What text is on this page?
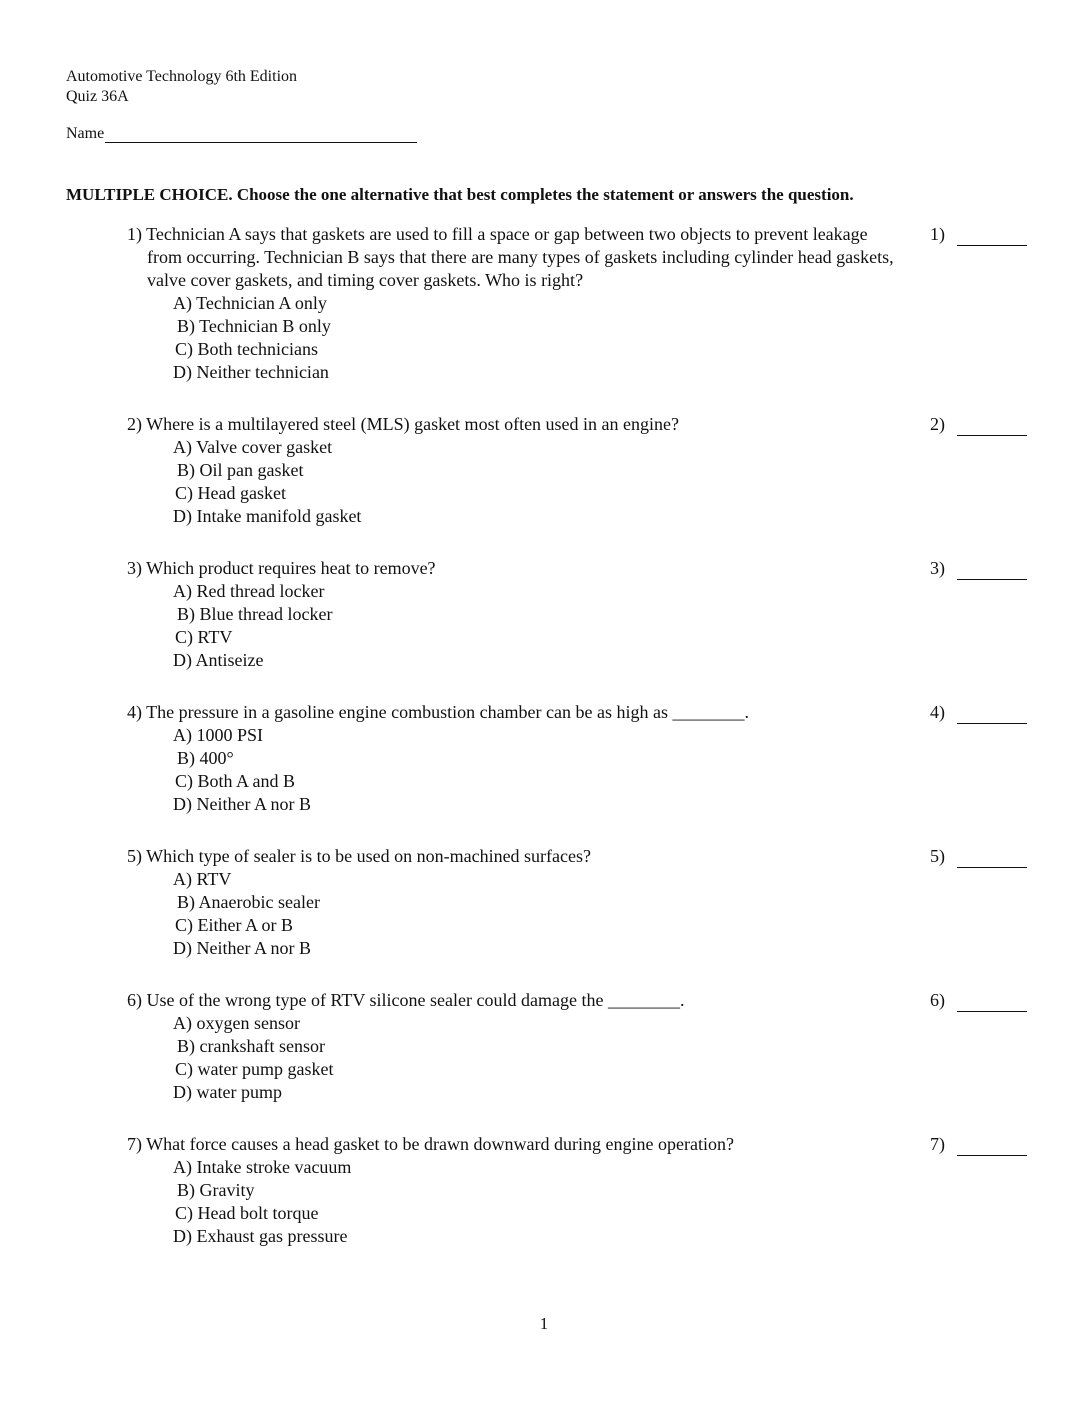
Automotive Technology 6th Edition
Quiz 36A
Name
MULTIPLE CHOICE. Choose the one alternative that best completes the statement or answers the question.
1) Technician A says that gaskets are used to fill a space or gap between two objects to prevent leakage from occurring. Technician B says that there are many types of gaskets including cylinder head gaskets, valve cover gaskets, and timing cover gaskets. Who is right?
A) Technician A only
B) Technician B only
C) Both technicians
D) Neither technician
1)
2) Where is a multilayered steel (MLS) gasket most often used in an engine?
A) Valve cover gasket
B) Oil pan gasket
C) Head gasket
D) Intake manifold gasket
2)
3) Which product requires heat to remove?
A) Red thread locker
B) Blue thread locker
C) RTV
D) Antiseize
3)
4) The pressure in a gasoline engine combustion chamber can be as high as ________.
A) 1000 PSI
B) 400°
C) Both A and B
D) Neither A nor B
4)
5) Which type of sealer is to be used on non-machined surfaces?
A) RTV
B) Anaerobic sealer
C) Either A or B
D) Neither A nor B
5)
6) Use of the wrong type of RTV silicone sealer could damage the ________.
A) oxygen sensor
B) crankshaft sensor
C) water pump gasket
D) water pump
6)
7) What force causes a head gasket to be drawn downward during engine operation?
A) Intake stroke vacuum
B) Gravity
C) Head bolt torque
D) Exhaust gas pressure
7)
1
